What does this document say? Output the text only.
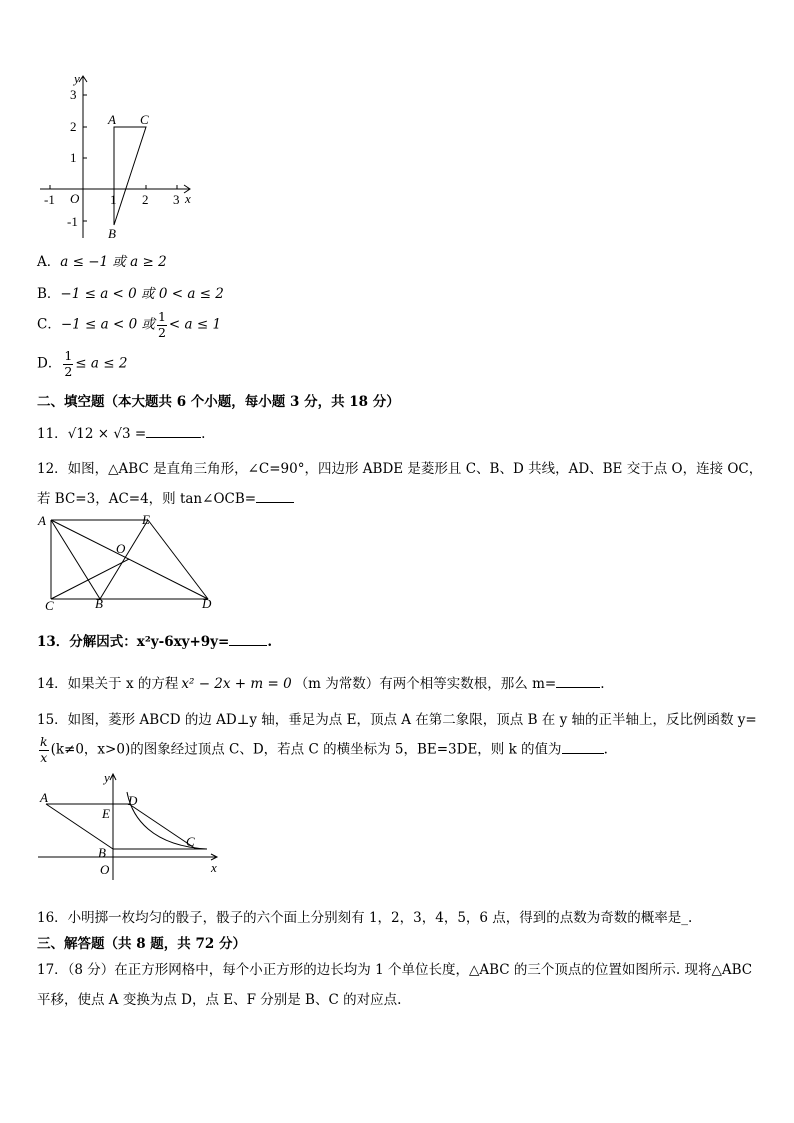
y
x
O
-1	1 2 3
3
2
1
-1
A C
B
A．a ≤ −1 或 a ≥ 2
B．−1 ≤ a < 0 或 0 < a ≤ 2
C．−1 ≤ a < 0 或 $\frac{1}{2} < a \le 1$
D． $\frac{1}{2} \le a \le 2$
二、填空题（本大题共 6 个小题，每小题 3 分，共 18 分）
11．√12 × √3 =	.
12．如图，△ABC 是直角三角形，∠C=90°，四边形 ABDE 是菱形且 C、B、D 共线，AD、BE 交于点 O，连接 OC，
若 BC=3，AC=4，则 tan∠OCB=
A	E
O
C	B	D
13．分解因式：x²y-6xy+9y=	.
14．如果关于 x 的方程 x² − 2x + m = 0 （m 为常数）有两个相等实数根，那么 m=	.
15．如图，菱形 ABCD 的边 AD⊥y 轴，垂足为点 E，顶点 A 在第二象限，顶点 B 在 y 轴的正半轴上，反比例函数 y=
$\frac{k}{x} (k\ne 0$，x>0)的图象经过顶点 C、D，若点 C 的横坐标为 5，BE=3DE，则 k 的值为	.
y
x
A	D
E
C
B
O
16．小明掷一枚均匀的骰子，骰子的六个面上分别刻有 1，2，3，4，5，6 点，得到的点数为奇数的概率是_.
三、解答题（共 8 题，共 72 分）
17．（8 分）在正方形网格中，每个小正方形的边长均为 1 个单位长度，△ABC 的三个顶点的位置如图所示. 现将△ABC
平移，使点 A 变换为点 D，点 E、F 分别是 B、C 的对应点.
